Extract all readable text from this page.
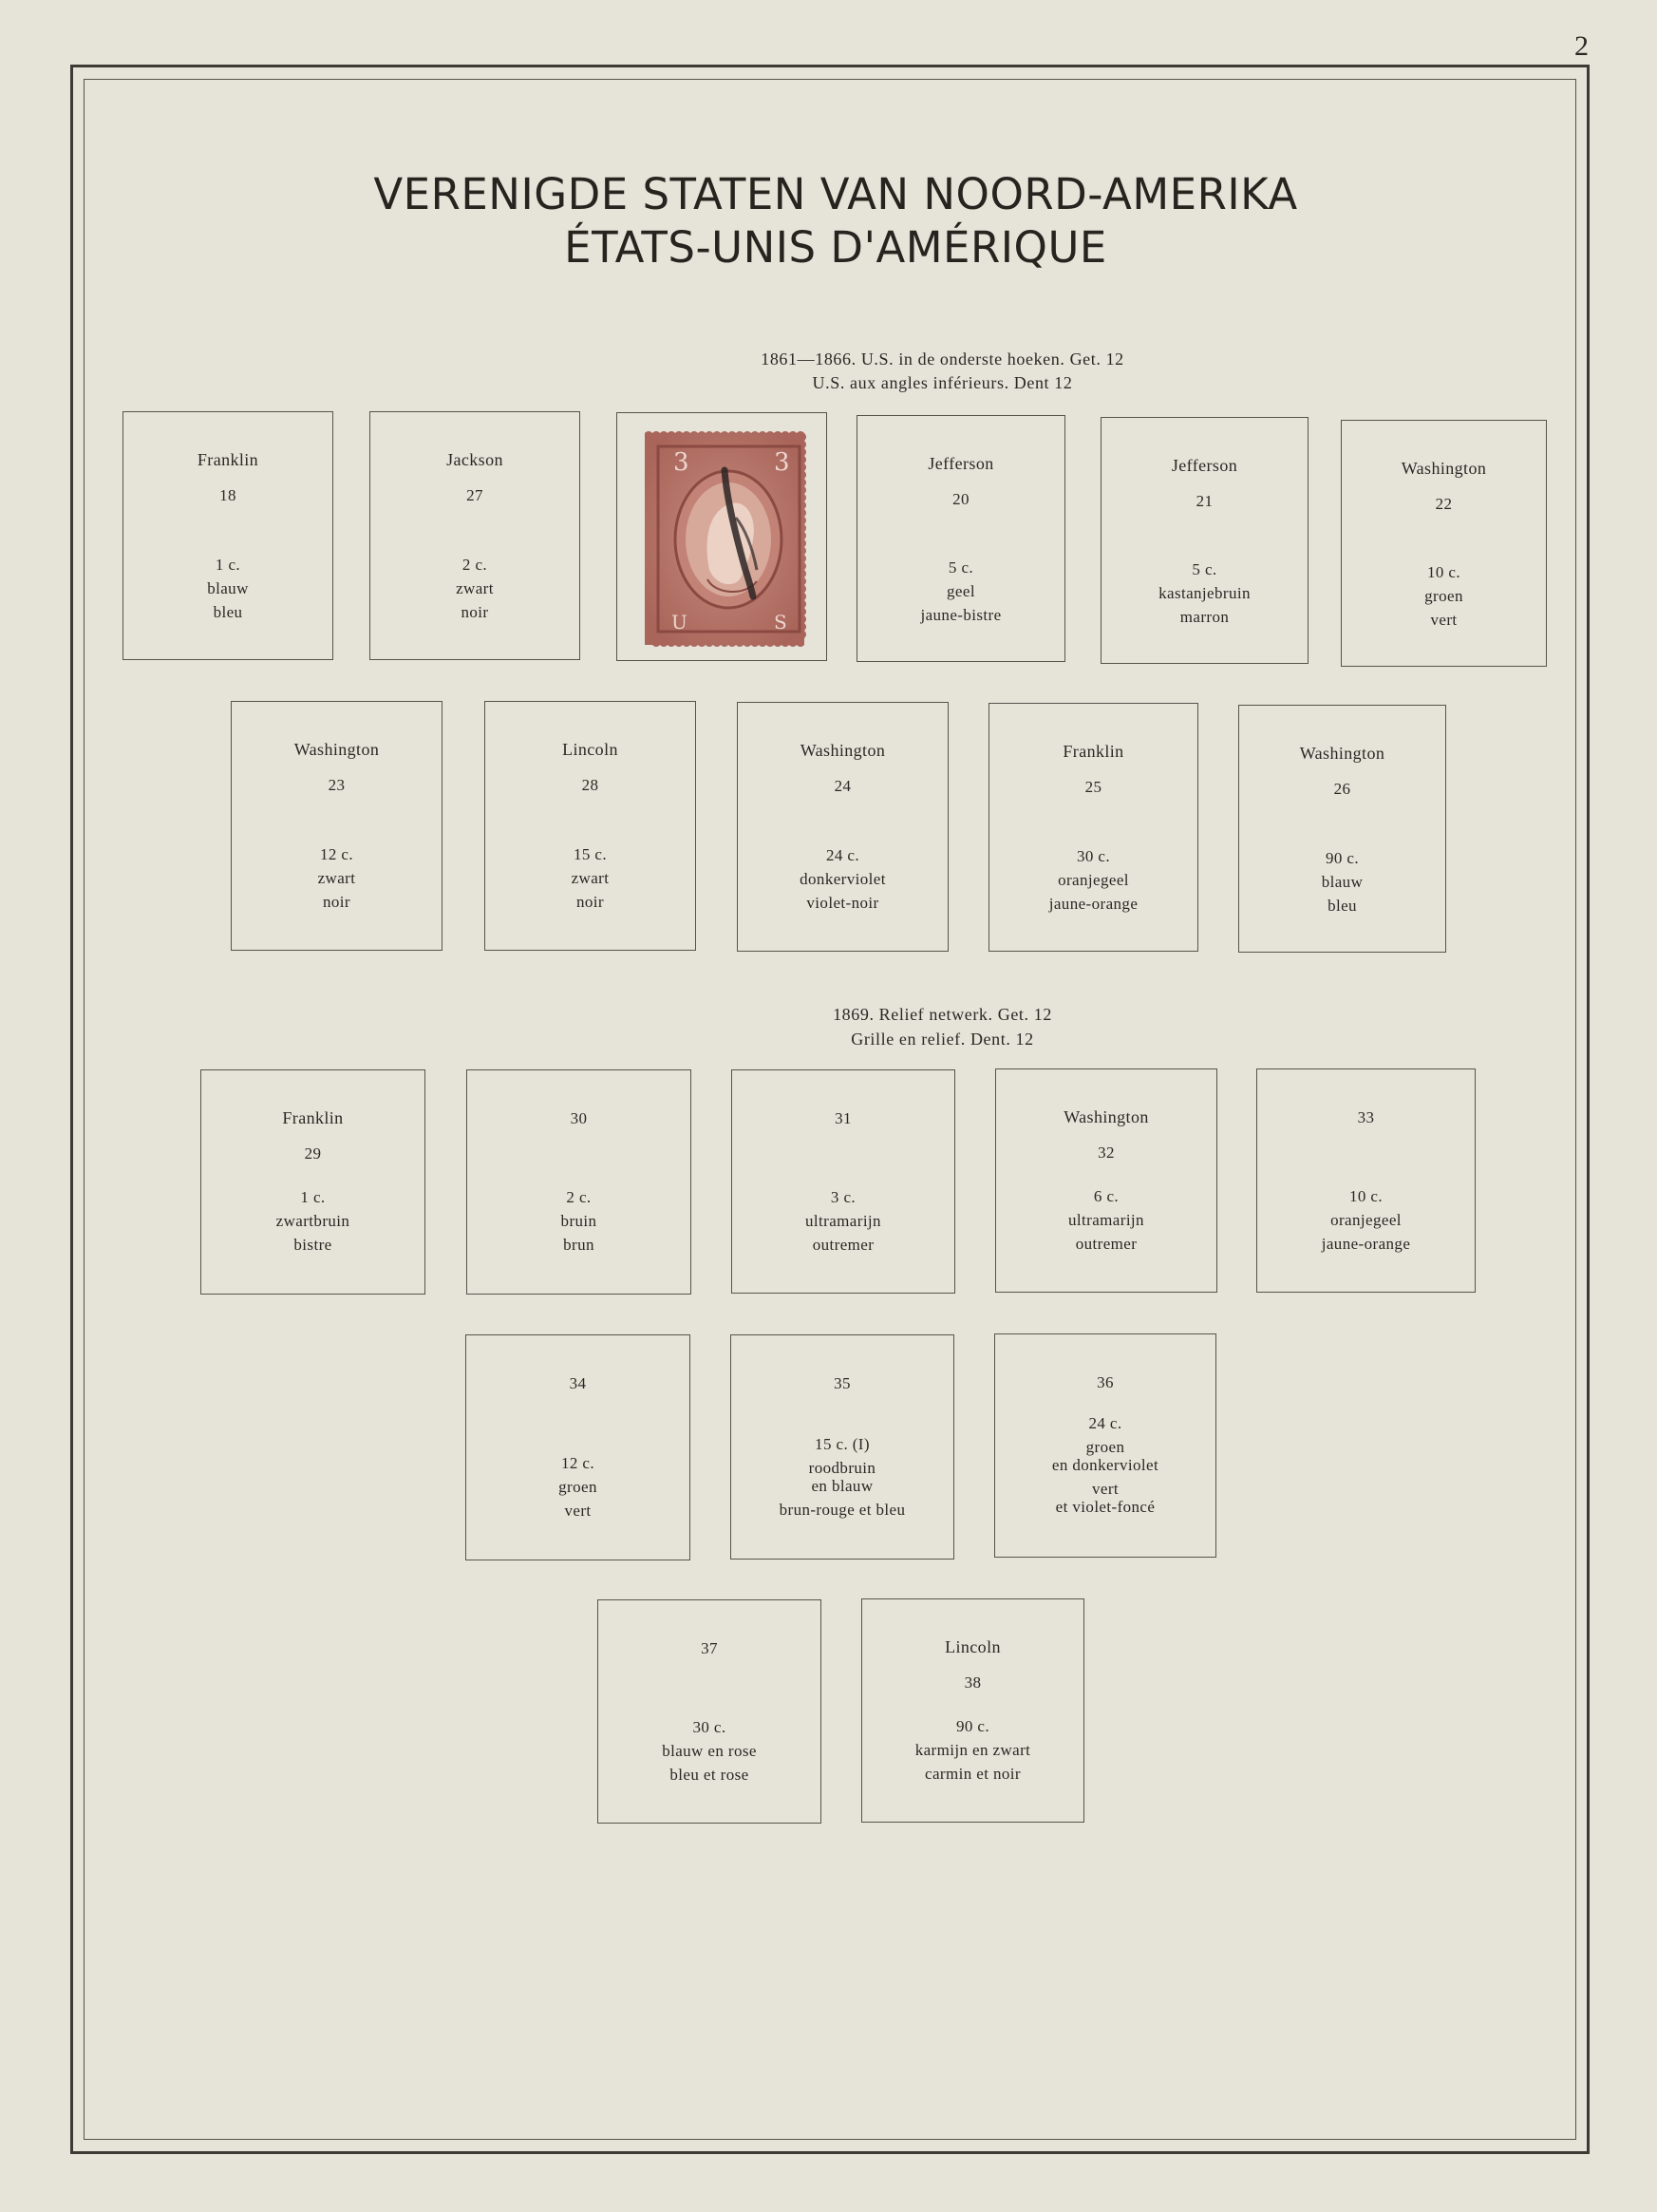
2
VERENIGDE STATEN VAN NOORD-AMERIKA
ÉTATS-UNIS D'AMÉRIQUE
1861—1866. U.S. in de onderste hoeken. Get. 12
U.S. aux angles inférieurs. Dent 12
1869. Relief netwerk. Get. 12
Grille en relief. Dent. 12
Franklin
18
1 c.
blauw
bleu
Jackson
27
2 c.
zwart
noir
3	3
U	S
Jefferson
20
5 c.
geel
jaune-bistre
Jefferson
21
5 c.
kastanjebruin
marron
Washington
22
10 c.
groen
vert
Washington
23
12 c.
zwart
noir
Lincoln
28
15 c.
zwart
noir
Washington
24
24 c.
donkerviolet
violet-noir
Franklin
25
30 c.
oranjegeel
jaune-orange
Washington
26
90 c.
blauw
bleu
Franklin
29
1 c.
zwartbruin
bistre
30
2 c.
bruin
brun
31
3 c.
ultramarijn
outremer
Washington
32
6 c.
ultramarijn
outremer
33
10 c.
oranjegeel
jaune-orange
34
12 c.
groen
vert
35
15 c. (I)
roodbruin
en blauw
brun-rouge et bleu
36
24 c.
groen
en donkerviolet
vert
et violet-foncé
37
30 c.
blauw en rose
bleu et rose
Lincoln
38
90 c.
karmijn en zwart
carmin et noir
